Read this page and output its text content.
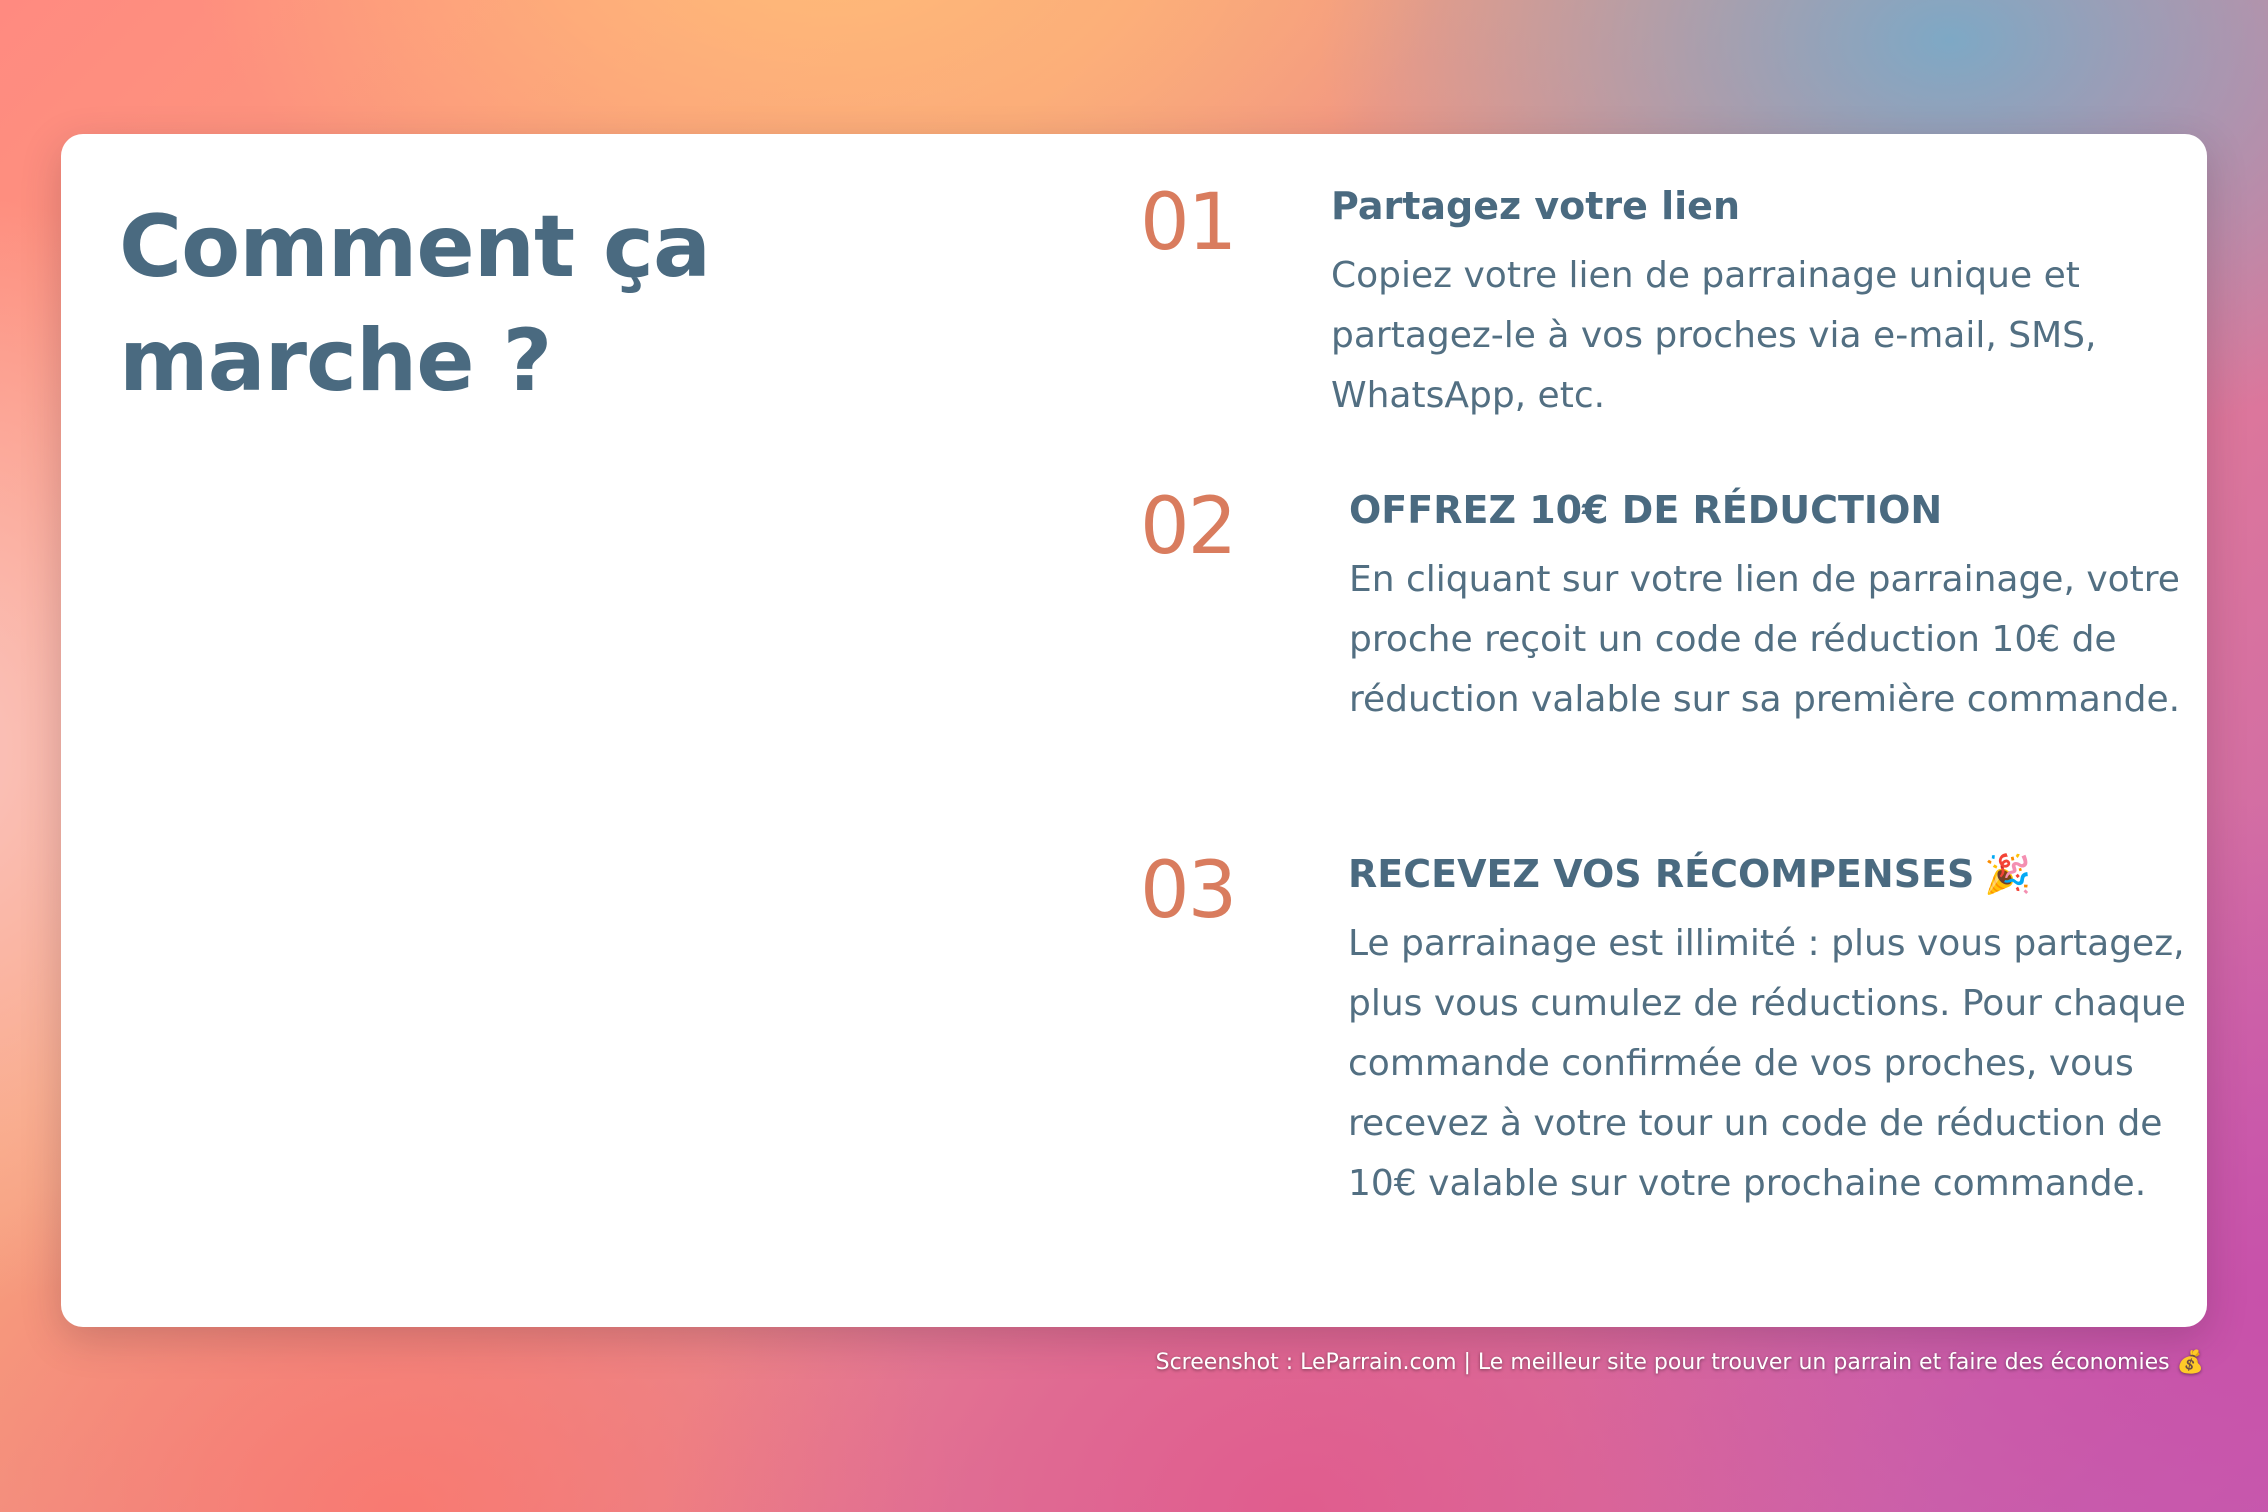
Comment ça marche ?
01	Partagez votre lien

Copiez votre lien de parrainage unique et partagez-le à vos proches via e-mail, SMS, WhatsApp, etc.

02	OFFREZ 10€ DE RÉDUCTION

En cliquant sur votre lien de parrainage, votre proche reçoit un code de réduction 10€ de réduction valable sur sa première commande.

03	RECEVEZ VOS RÉCOMPENSES 🎉

Le parrainage est illimité : plus vous partagez, plus vous cumulez de réductions. Pour chaque commande confirmée de vos proches, vous recevez à votre tour un code de réduction de 10€ valable sur votre prochaine commande.

Screenshot : LeParrain.com | Le meilleur site pour trouver un parrain et faire des économies 💰
